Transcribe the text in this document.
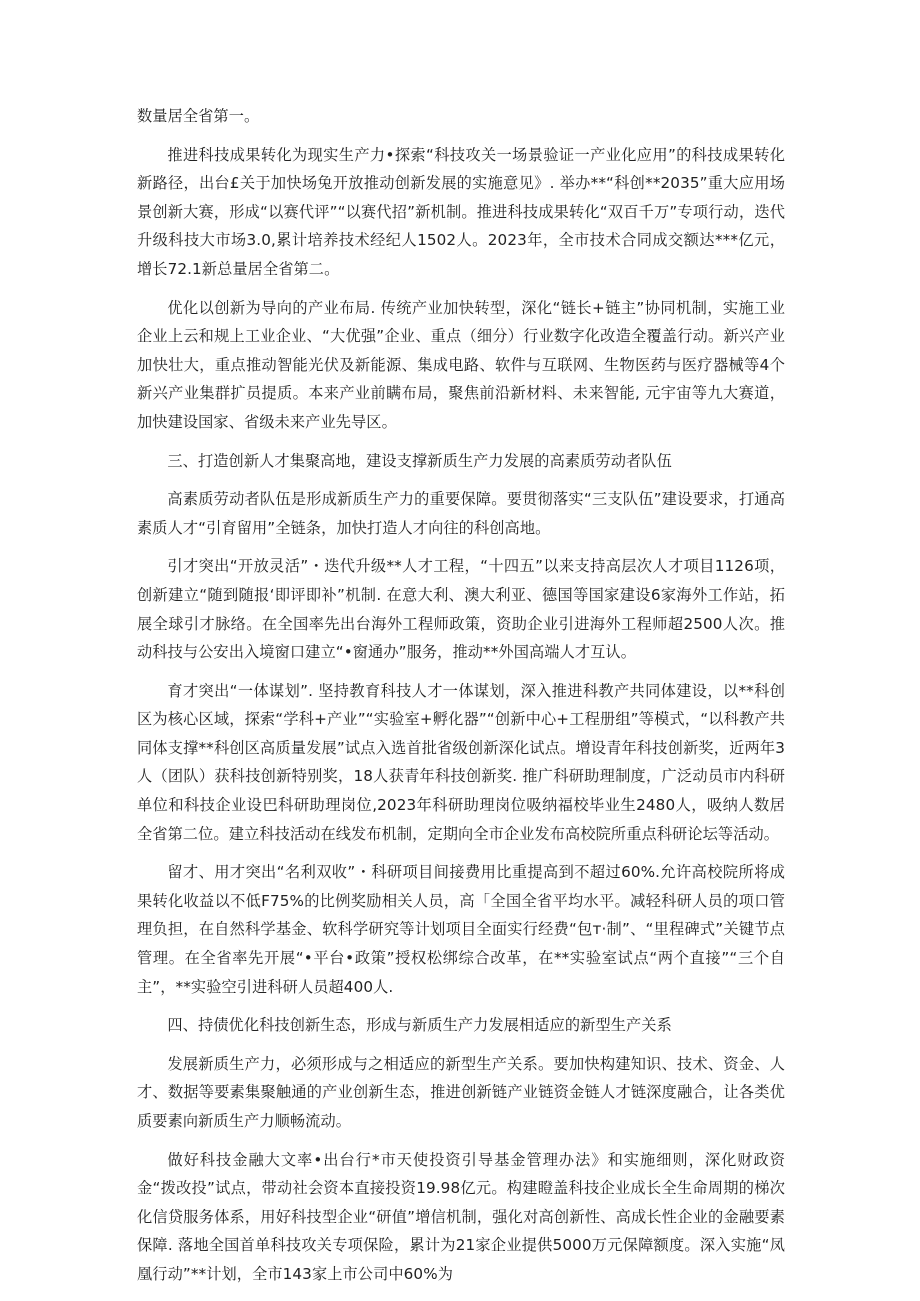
数量居全省第一。

推进科技成果转化为现实生产力•探索“科技攻关一场景验证一产业化应用”的科技成果转化新路径，出台£关于加快场兔开放推动创新发展的实施意见》. 举办**“科创**2035”重大应用场景创新大赛，形成“以赛代评”“以赛代招”新机制。推进科技成果转化“双百千万”专项行动，迭代升级科技大市场3.0,累计培养技术经纪人1502人。2023年，全市技术合同成交额达***亿元，增长72.1新总量居全省第二。

优化以创新为导向的产业布局. 传统产业加快转型，深化“链长+链主”协同机制，实施工业企业上云和规上工业企业、“大优强”企业、重点（细分）行业数字化改造全覆盖行动。新兴产业加快壮大，重点推动智能光伏及新能源、集成电路、软件与互联网、生物医药与医疗器械等4个新兴产业集群扩员提质。本来产业前瞒布局，聚焦前沿新材料、未来智能, 元宇宙等九大赛道，加快建设国家、省级未来产业先导区。

三、打造创新人才集聚高地，建设支撑新质生产力发展的高素质劳动者队伍

高素质劳动者队伍是形成新质生产力的重要保障。要贯彻落实“三支队伍”建设要求，打通高素质人才“引育留用”全链条，加快打造人才向往的科创高地。

引才突出“开放灵活”・迭代升级**人才工程，“十四五”以来支持高层次人才项目1126项，创新建立“随到随报‘即评即补”机制. 在意大利、澳大利亚、德国等国家建设6家海外工作站，拓展全球引才脉络。在全国率先出台海外工程师政策，资助企业引进海外工程师超2500人次。推动科技与公安出入境窗口建立“•窗通办”服务，推动**外国高端人才互认。

育才突出“一体谋划”. 坚持教育科技人才一体谋划，深入推进科教产共同体建设，以**科创区为核心区域，探索“学科+产业”“实验室+孵化器”“创新中心+工程册组”等模式，“以科教产共同体支撑**科创区高质量发展”试点入选首批省级创新深化试点。增设青年科技创新奖，近两年3人（团队）获科技创新特别奖，18人获青年科技创新奖. 推广科研助理制度，广泛动员市内科研单位和科技企业设巴科研助理岗位,2023年科研助理岗位吸纳福校毕业生2480人，吸纳人数居全省第二位。建立科技活动在线发布机制，定期向全市企业发布高校院所重点科研论坛等活动。

留才、用才突出“名利双收”・科研项目间接费用比重提高到不超过60%.允许高校院所将成果转化收益以不低F75%的比例奖励相关人员，高「全国全省平均水平。减轻科研人员的项口管理负担，在自然科学基金、软科学研究等计划项目全面实行经费“包т·制”、“里程碑式”关键节点管理。在全省率先开展“•平台•政策”授权松绑综合改革，在**实验室试点“两个直接”“三个自主”，**实验空引进科研人员超400人.

四、持债优化科技创新生态，形成与新质生产力发展相适应的新型生产关系

发展新质生产力，必须形成与之相适应的新型生产关系。要加快构建知识、技术、资金、人才、数据等要素集聚触通的产业创新生态，推进创新链产业链资金链人才链深度融合，让各类优质要素向新质生产力顺畅流动。

做好科技金融大文率•出台行*市天使投资引导基金管理办法》和实施细则，深化财政资金“拨改投”试点，带动社会资本直接投资19.98亿元。构建瞪盖科技企业成长全生命周期的梯次化信贷服务体系，用好科技型企业“研值”增信机制，强化对高创新性、高成长性企业的金融要素保障. 落地全国首单科技攻关专项保险，累计为21家企业提供5000万元保障额度。深入实施“凤凰行动”**计划，全市143家上市公司中60%为
